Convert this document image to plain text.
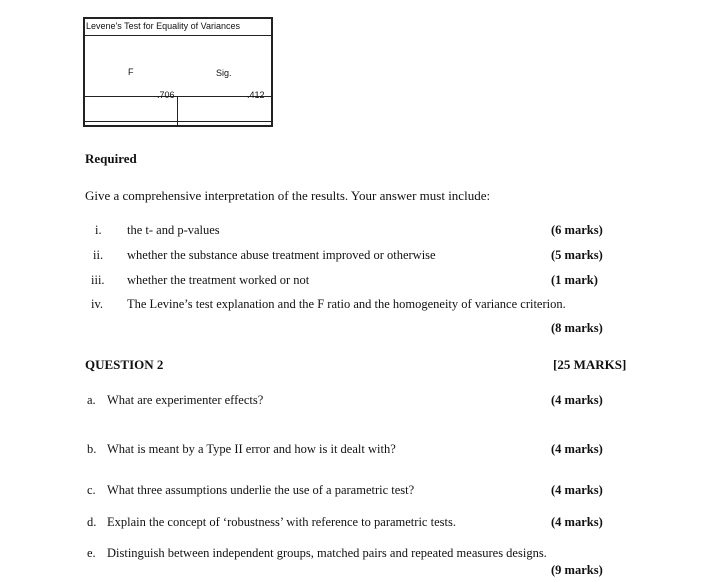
Levene's Test for Equality of Variances
F	Sig.
.706	.412
Required
Give a comprehensive interpretation of the results. Your answer must include:
i. the t- and p-values	(6 marks)
ii. whether the substance abuse treatment improved or otherwise	(5 marks)
iii. whether the treatment worked or not	(1 mark)
iv. The Levine’s test explanation and the F ratio and the homogeneity of variance criterion.
(8 marks)
QUESTION 2	[25 MARKS]
a. What are experimenter effects?	(4 marks)
b. What is meant by a Type II error and how is it dealt with?	(4 marks)
c. What three assumptions underlie the use of a parametric test?	(4 marks)
d. Explain the concept of ‘robustness’ with reference to parametric tests.	(4 marks)
e. Distinguish between independent groups, matched pairs and repeated measures designs.
(9 marks)
